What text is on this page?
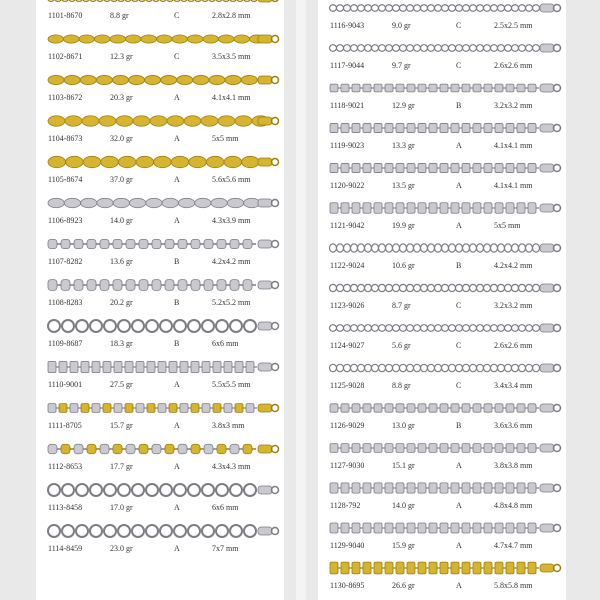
1101-8670	8.8 gr	C	2.8x2.8 mm
1102-8671	12.3 gr	C	3.5x3.5 mm
1103-8672	20.3 gr	A	4.1x4.1 mm
1104-8673	32.0 gr	A	5x5 mm
1105-8674	37.0 gr	A	5.6x5.6 mm
1106-8923	14.0 gr	A	4.3x3.9 mm
1107-8282	13.6 gr	B	4.2x4.2 mm
1108-8283	20.2 gr	B	5.2x5.2 mm
1109-8687	18.3 gr	B	6x6 mm
1110-9001	27.5 gr	A	5.5x5.5 mm
1111-8705	15.7 gr	A	3.8x3 mm
1112-8653	17.7 gr	A	4.3x4.3 mm
1113-8458	17.0 gr	A	6x6 mm
1114-8459	23.0 gr	A	7x7 mm
1116-9043	9.0 gr	C	2.5x2.5 mm
1117-9044	9.7 gr	C	2.6x2.6 mm
1118-9021	12.9 gr	B	3.2x3.2 mm
1119-9023	13.3 gr	A	4.1x4.1 mm
1120-9022	13.5 gr	A	4.1x4.1 mm
1121-9042	19.9 gr	A	5x5 mm
1122-9024	10.6 gr	B	4.2x4.2 mm
1123-9026	8.7 gr	C	3.2x3.2 mm
1124-9027	5.6 gr	C	2.6x2.6 mm
1125-9028	8.8 gr	C	3.4x3.4 mm
1126-9029	13.0 gr	B	3.6x3.6 mm
1127-9030	15.1 gr	A	3.8x3.8 mm
1128-792	14.0 gr	A	4.8x4.8 mm
1129-9040	15.9 gr	A	4.7x4.7 mm
1130-8695	26.6 gr	A	5.8x5.8 mm
